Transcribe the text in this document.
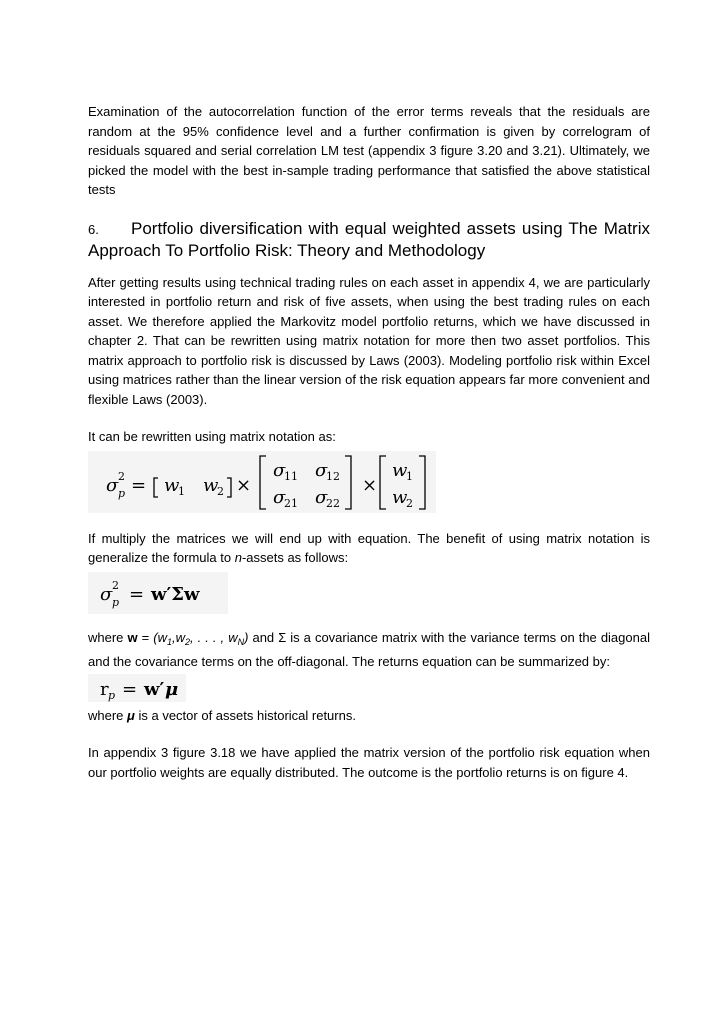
Examination of the autocorrelation function of the error terms reveals that the residuals are random at the 95% confidence level and a further confirmation is given by correlogram of residuals squared and serial correlation LM test (appendix 3 figure 3.20 and 3.21). Ultimately, we picked the model with the best in-sample trading performance that satisfied the above statistical tests

6. Portfolio diversification with equal weighted assets using The Matrix Approach To Portfolio Risk: Theory and Methodology

After getting results using technical trading rules on each asset in appendix 4, we are particularly interested in portfolio return and risk of five assets, when using the best trading rules on each asset. We therefore applied the Markovitz model portfolio returns, which we have discussed in chapter 2. That can be rewritten using matrix notation for more then two asset portfolios. This matrix approach to portfolio risk is discussed by Laws (2003). Modeling portfolio risk within Excel using matrices rather than the linear version of the risk equation appears far more convenient and flexible Laws (2003).

It can be rewritten using matrix notation as:

σ 2
p = w
1 w
2 ×
σ
11 σ
12
σ
21 σ
22
×
w
1
w
2

If multiply the matrices we will end up with equation. The benefit of using matrix notation is generalize the formula to n-assets as follows:

σ 2
p = w′Σw

where $w = (w_1,w_2$, . . . , $w_N$) and Σ is a covariance matrix with the variance terms on the diagonal and the covariance terms on the off-diagonal. The returns equation can be summarized by:

r p = w′ μ

where μ is a vector of assets historical returns.

In appendix 3 figure 3.18 we have applied the matrix version of the portfolio risk equation when our portfolio weights are equally distributed. The outcome is the portfolio returns is on figure 4.
